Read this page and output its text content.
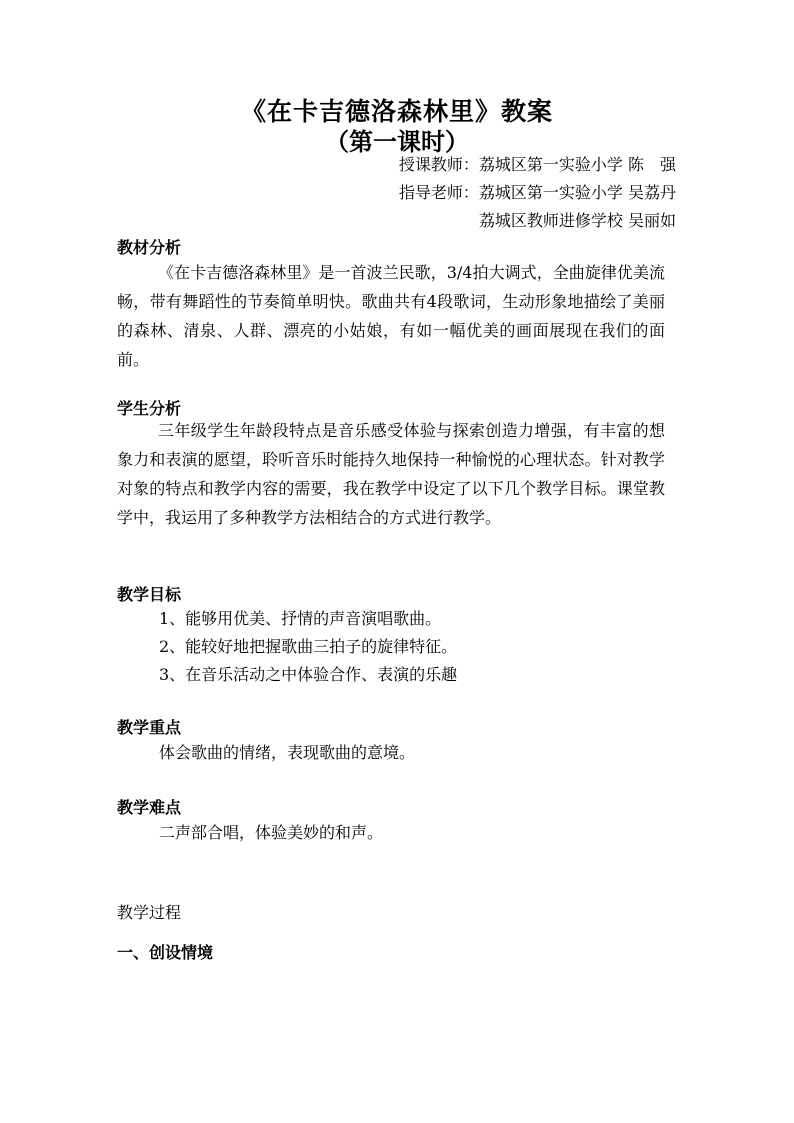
《在卡吉德洛森林里》教案
（第一课时）
授课教师：荔城区第一实验小学 陈　强
指导老师：荔城区第一实验小学 吴荔丹
荔城区教师进修学校 吴丽如
教材分析
《在卡吉德洛森林里》是一首波兰民歌，3/4拍大调式，全曲旋律优美流畅，带有舞蹈性的节奏简单明快。歌曲共有4段歌词，生动形象地描绘了美丽的森林、清泉、人群、漂亮的小姑娘，有如一幅优美的画面展现在我们的面前。
学生分析
三年级学生年龄段特点是音乐感受体验与探索创造力增强，有丰富的想象力和表演的愿望，聆听音乐时能持久地保持一种愉悦的心理状态。针对教学对象的特点和教学内容的需要，我在教学中设定了以下几个教学目标。课堂教学中，我运用了多种教学方法相结合的方式进行教学。
教学目标
1、能够用优美、抒情的声音演唱歌曲。
2、能较好地把握歌曲三拍子的旋律特征。
3、在音乐活动之中体验合作、表演的乐趣
教学重点
体会歌曲的情绪，表现歌曲的意境。
教学难点
二声部合唱，体验美妙的和声。
教学过程
一、创设情境
